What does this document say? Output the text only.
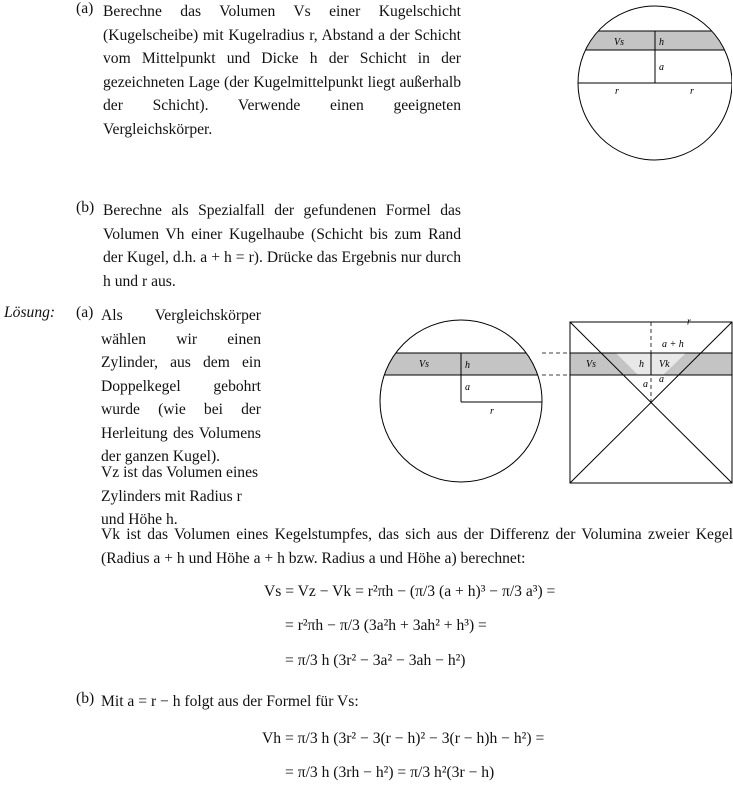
(a) Berechne das Volumen Vs einer Kugelschicht (Kugelscheibe) mit Kugelradius r, Abstand a der Schicht vom Mittelpunkt und Dicke h der Schicht in der gezeichneten Lage (der Kugelmittelpunkt liegt außerhalb der Schicht). Verwende einen geeigneten Vergleichskörper.

Vs	h
a
r	r
(b) Berechne als Spezialfall der gefundenen Formel das Volumen Vh einer Kugelhaube (Schicht bis zum Rand der Kugel, d.h. a + h = r). Drücke das Ergebnis nur durch h und r aus.

Lösung: (a) Als Vergleichskörper wählen wir einen Zylinder, aus dem ein Doppelkegel gebohrt wurde (wie bei der Herleitung des Volumens der ganzen Kugel).

Vz ist das Volumen eines Zylinders mit Radius r und Höhe h.

Vk ist das Volumen eines Kegelstumpfes, das sich aus der Differenz der Volumina zweier Kegel (Radius a + h und Höhe a + h bzw. Radius a und Höhe a) berechnet:

Vs	h
a
r
r
a + h
Vs	h Vk
a a
Vs = Vz − Vk = r²πh − (π/3 (a + h)³ − π/3 a³) =
= r²πh − π/3 (3a²h + 3ah² + h³) =
= π/3 h (3r² − 3a² − 3ah − h²)
(b) Mit a = r − h folgt aus der Formel für Vs:

Vh = π/3 h (3r² − 3(r − h)² − 3(r − h)h − h²) =
= π/3 h (3rh − h²) = π/3 h²(3r − h)
